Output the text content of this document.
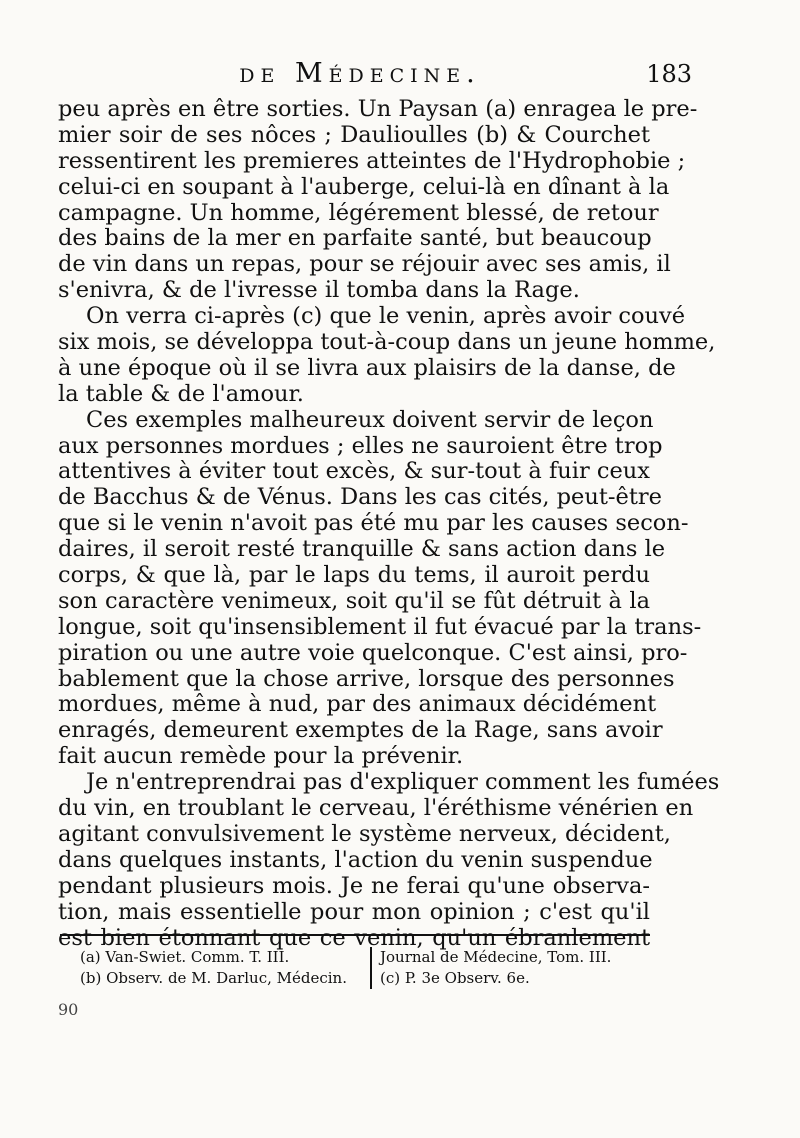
de Médecine.	183
peu après en être sorties. Un Paysan (a) enragea le pre-
mier soir de ses nôces ; Daulioulles (b) & Courchet
ressentirent les premieres atteintes de l'Hydrophobie ;
celui-ci en soupant à l'auberge, celui-là en dînant à la
campagne. Un homme, légérement blessé, de retour
des bains de la mer en parfaite santé, but beaucoup
de vin dans un repas, pour se réjouir avec ses amis, il
s'enivra, & de l'ivresse il tomba dans la Rage.
On verra ci-après (c) que le venin, après avoir couvé
six mois, se développa tout-à-coup dans un jeune homme,
à une époque où il se livra aux plaisirs de la danse, de
la table & de l'amour.
Ces exemples malheureux doivent servir de leçon
aux personnes mordues ; elles ne sauroient être trop
attentives à éviter tout excès, & sur-tout à fuir ceux
de Bacchus & de Vénus. Dans les cas cités, peut-être
que si le venin n'avoit pas été mu par les causes secon-
daires, il seroit resté tranquille & sans action dans le
corps, & que là, par le laps du tems, il auroit perdu
son caractère venimeux, soit qu'il se fût détruit à la
longue, soit qu'insensiblement il fut évacué par la trans-
piration ou une autre voie quelconque. C'est ainsi, pro-
bablement que la chose arrive, lorsque des personnes
mordues, même à nud, par des animaux décidément
enragés, demeurent exemptes de la Rage, sans avoir
fait aucun remède pour la prévenir.
Je n'entreprendrai pas d'expliquer comment les fumées
du vin, en troublant le cerveau, l'éréthisme vénérien en
agitant convulsivement le système nerveux, décident,
dans quelques instants, l'action du venin suspendue
pendant plusieurs mois. Je ne ferai qu'une observa-
tion, mais essentielle pour mon opinion ; c'est qu'il
est bien étonnant que ce venin, qu'un ébranlement
(a) Van-Swiet. Comm. T. III.
(b) Observ. de M. Darluc, Médecin.
Journal de Médecine, Tom. III.
(c) P. 3e Observ. 6e.
90
